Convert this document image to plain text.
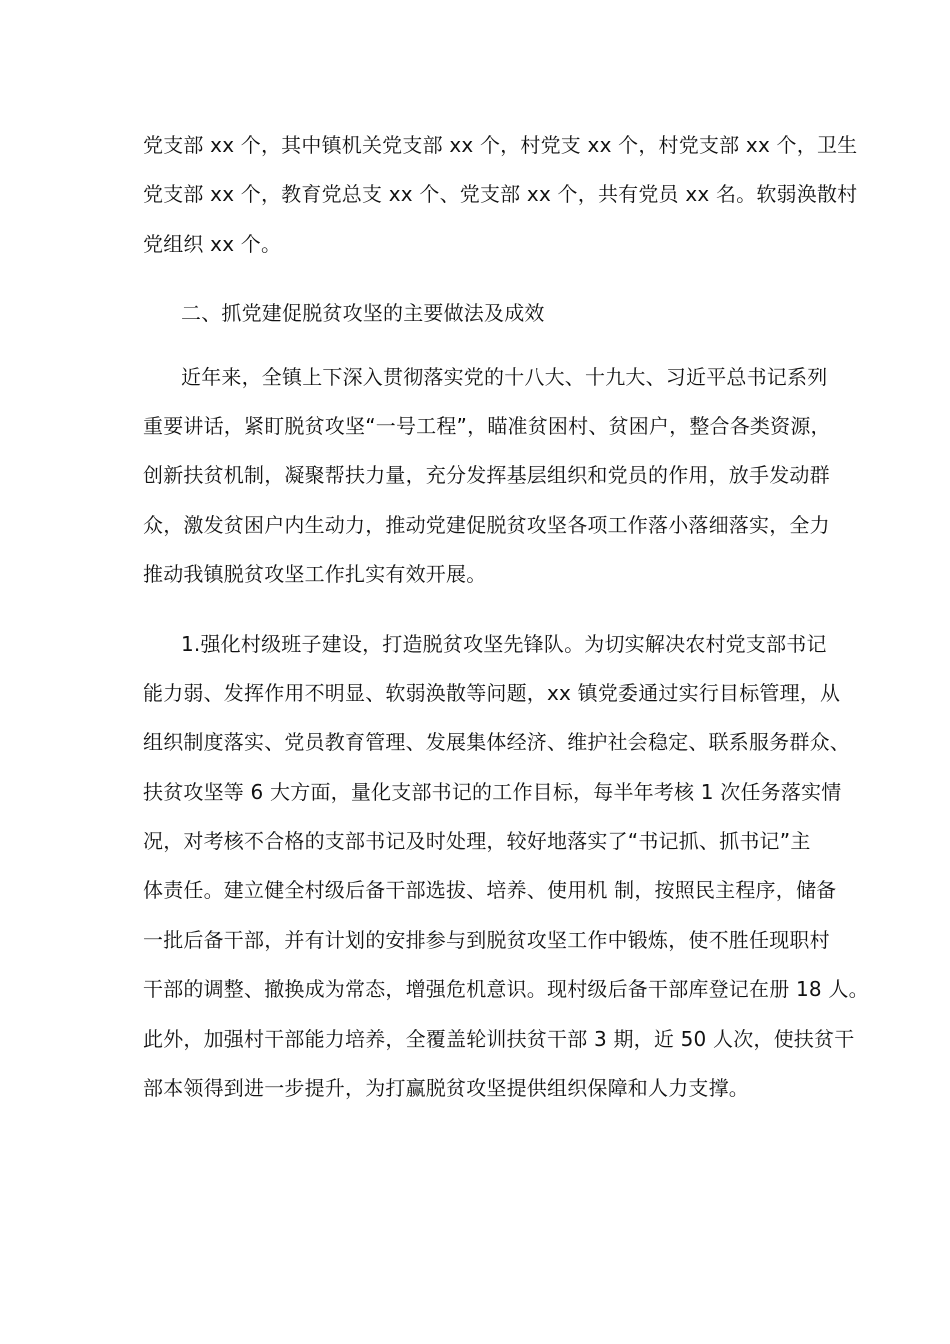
党支部 xx 个，其中镇机关党支部 xx 个，村党支 xx 个，村党支部 xx 个，卫生
党支部 xx 个，教育党总支 xx 个、党支部 xx 个，共有党员 xx 名。软弱涣散村
党组织 xx 个。
二、抓党建促脱贫攻坚的主要做法及成效
近年来，全镇上下深入贯彻落实党的十八大、十九大、习近平总书记系列
重要讲话，紧盯脱贫攻坚“一号工程”，瞄准贫困村、贫困户，整合各类资源，
创新扶贫机制，凝聚帮扶力量，充分发挥基层组织和党员的作用，放手发动群
众，激发贫困户内生动力，推动党建促脱贫攻坚各项工作落小落细落实，全力
推动我镇脱贫攻坚工作扎实有效开展。
1.强化村级班子建设，打造脱贫攻坚先锋队。为切实解决农村党支部书记
能力弱、发挥作用不明显、软弱涣散等问题，xx 镇党委通过实行目标管理，从
组织制度落实、党员教育管理、发展集体经济、维护社会稳定、联系服务群众、
扶贫攻坚等 6 大方面，量化支部书记的工作目标，每半年考核 1 次任务落实情
况，对考核不合格的支部书记及时处理，较好地落实了“书记抓、抓书记”主
体责任。建立健全村级后备干部选拔、培养、使用机 制，按照民主程序，储备
一批后备干部，并有计划的安排参与到脱贫攻坚工作中锻炼，使不胜任现职村
干部的调整、撤换成为常态，增强危机意识。现村级后备干部库登记在册 18 人。
此外，加强村干部能力培养，全覆盖轮训扶贫干部 3 期，近 50 人次，使扶贫干
部本领得到进一步提升，为打赢脱贫攻坚提供组织保障和人力支撑。
